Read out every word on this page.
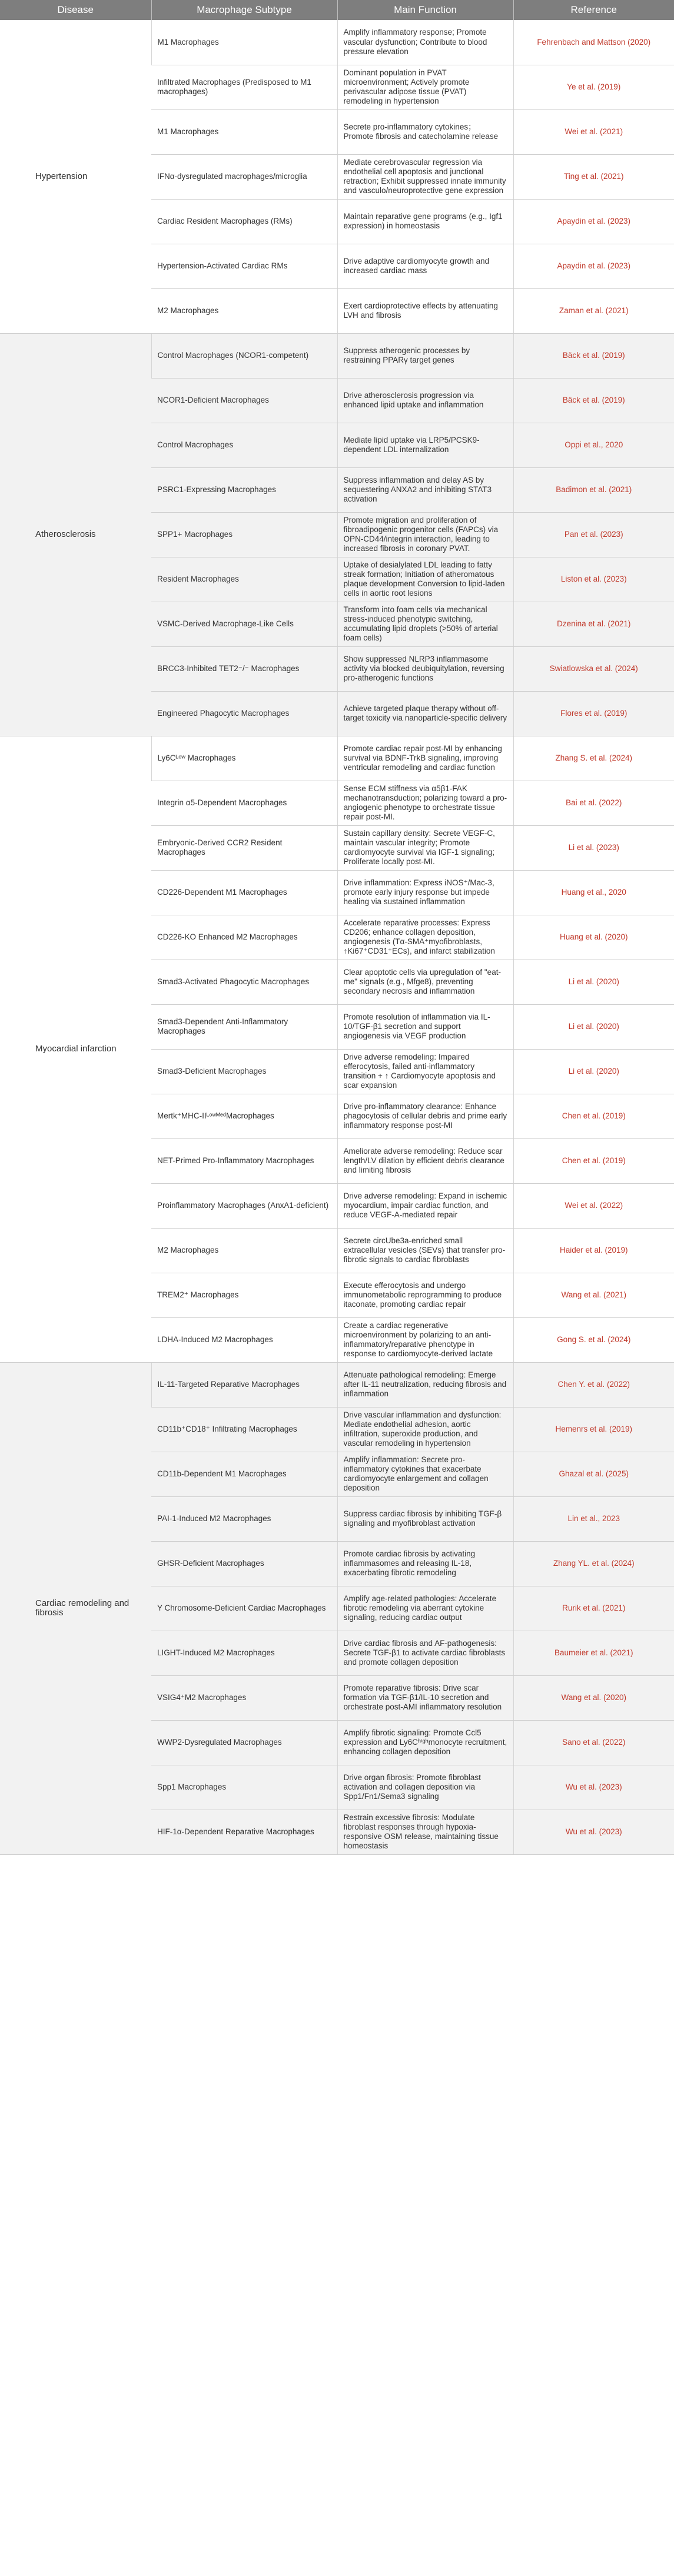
Disease	Macrophage Subtype	Main Function	Reference
Hypertension	M1 Macrophages	Amplify inflammatory response; Promote vascular dysfunction; Contribute to blood pressure elevation	Fehrenbach and Mattson (2020)
	Infiltrated Macrophages (Predisposed to M1 macrophages)	Dominant population in PVAT microenvironment; Actively promote perivascular adipose tissue (PVAT) remodeling in hypertension	Ye et al. (2019)
	M1 Macrophages	Secrete pro-inflammatory cytokines； Promote fibrosis and catecholamine release	Wei et al. (2021)
	IFNα-dysregulated macrophages/microglia	Mediate cerebrovascular regression via endothelial cell apoptosis and junctional retraction; Exhibit suppressed innate immunity and vasculo/neuroprotective gene expression	Ting et al. (2021)
	Cardiac Resident Macrophages (RMs)	Maintain reparative gene programs (e.g., Igf1 expression) in homeostasis	Apaydin et al. (2023)
	Hypertension-Activated Cardiac RMs	Drive adaptive cardiomyocyte growth and increased cardiac mass	Apaydin et al. (2023)
	M2 Macrophages	Exert cardioprotective effects by attenuating LVH and fibrosis	Zaman et al. (2021)
Atherosclerosis	Control Macrophages (NCOR1-competent)	Suppress atherogenic processes by restraining PPARγ target genes	Bäck et al. (2019)
	NCOR1-Deficient Macrophages	Drive atherosclerosis progression via enhanced lipid uptake and inflammation	Bäck et al. (2019)
	Control Macrophages	Mediate lipid uptake via LRP5/PCSK9-dependent LDL internalization	Oppi et al., 2020
	PSRC1-Expressing Macrophages	Suppress inflammation and delay AS by sequestering ANXA2 and inhibiting STAT3 activation	Badimon et al. (2021)
	SPP1+ Macrophages	Promote migration and proliferation of fibroadipogenic progenitor cells (FAPCs) via OPN-CD44/integrin interaction, leading to increased fibrosis in coronary PVAT.	Pan et al. (2023)
	Resident Macrophages	Uptake of desialylated LDL leading to fatty streak formation; Initiation of atheromatous plaque development Conversion to lipid-laden cells in aortic root lesions	Liston et al. (2023)
	VSMC-Derived Macrophage-Like Cells	Transform into foam cells via mechanical stress-induced phenotypic switching, accumulating lipid droplets (>50% of arterial foam cells)	Dzenina et al. (2021)
	BRCC3-Inhibited TET2⁻/⁻ Macrophages	Show suppressed NLRP3 inflammasome activity via blocked deubiquitylation, reversing pro-atherogenic functions	Swiatlowska et al. (2024)
	Engineered Phagocytic Macrophages	Achieve targeted plaque therapy without off-target toxicity via nanoparticle-specific delivery	Flores et al. (2019)
Myocardial infarction	Ly6Cᴸᵒʷ Macrophages	Promote cardiac repair post-MI by enhancing survival via BDNF-TrkB signaling, improving ventricular remodeling and cardiac function	Zhang S. et al. (2024)
	Integrin α5-Dependent Macrophages	Sense ECM stiffness via α5β1-FAK mechanotransduction; polarizing toward a pro-angiogenic phenotype to orchestrate tissue repair post-MI.	Bai et al. (2022)
	Embryonic-Derived CCR2 Resident Macrophages	Sustain capillary density: Secrete VEGF-C, maintain vascular integrity; Promote cardiomyocyte survival via IGF-1 signaling; Proliferate locally post-MI.	Li et al. (2023)
	CD226-Dependent M1 Macrophages	Drive inflammation: Express iNOS⁺/Mac-3, promote early injury response but impede healing via sustained inflammation	Huang et al., 2020
	CD226-KO Enhanced M2 Macrophages	Accelerate reparative processes: Express CD206; enhance collagen deposition, angiogenesis (Tα-SMA⁺myofibroblasts, ↑Ki67⁺CD31⁺ECs), and infarct stabilization	Huang et al. (2020)
	Smad3-Activated Phagocytic Macrophages	Clear apoptotic cells via upregulation of "eat-me" signals (e.g., Mfge8), preventing secondary necrosis and inflammation	Li et al. (2020)
	Smad3-Dependent Anti-Inflammatory Macrophages	Promote resolution of inflammation via IL-10/TGF-β1 secretion and support angiogenesis via VEGF production	Li et al. (2020)
	Smad3-Deficient Macrophages	Drive adverse remodeling: Impaired efferocytosis, failed anti-inflammatory transition + ↑ Cardiomyocyte apoptosis and scar expansion	Li et al. (2020)
	Mertk⁺MHC-IIᴸᵒʷᴹᵉᵈMacrophages	Drive pro-inflammatory clearance: Enhance phagocytosis of cellular debris and prime early inflammatory response post-MI	Chen et al. (2019)
	NET-Primed Pro-Inflammatory Macrophages	Ameliorate adverse remodeling: Reduce scar length/LV dilation by efficient debris clearance and limiting fibrosis	Chen et al. (2019)
	Proinflammatory Macrophages (AnxA1-deficient)	Drive adverse remodeling: Expand in ischemic myocardium, impair cardiac function, and reduce VEGF-A-mediated repair	Wei et al. (2022)
	M2 Macrophages	Secrete circUbe3a-enriched small extracellular vesicles (SEVs) that transfer pro-fibrotic signals to cardiac fibroblasts	Haider et al. (2019)
	TREM2⁺ Macrophages	Execute efferocytosis and undergo immunometabolic reprogramming to produce itaconate, promoting cardiac repair	Wang et al. (2021)
	LDHA-Induced M2 Macrophages	Create a cardiac regenerative microenvironment by polarizing to an anti-inflammatory/reparative phenotype in response to cardiomyocyte-derived lactate	Gong S. et al. (2024)
Cardiac remodeling and fibrosis	IL-11-Targeted Reparative Macrophages	Attenuate pathological remodeling: Emerge after IL-11 neutralization, reducing fibrosis and inflammation	Chen Y. et al. (2022)
	CD11b⁺CD18⁺ Infiltrating Macrophages	Drive vascular inflammation and dysfunction: Mediate endothelial adhesion, aortic infiltration, superoxide production, and vascular remodeling in hypertension	Hemenrs et al. (2019)
	CD11b-Dependent M1 Macrophages	Amplify inflammation: Secrete pro-inflammatory cytokines that exacerbate cardiomyocyte enlargement and collagen deposition	Ghazal et al. (2025)
	PAI-1-Induced M2 Macrophages	Suppress cardiac fibrosis by inhibiting TGF-β signaling and myofibroblast activation	Lin et al., 2023
	GHSR-Deficient Macrophages	Promote cardiac fibrosis by activating inflammasomes and releasing IL-18, exacerbating fibrotic remodeling	Zhang YL. et al. (2024)
	Y Chromosome-Deficient Cardiac Macrophages	Amplify age-related pathologies: Accelerate fibrotic remodeling via aberrant cytokine signaling, reducing cardiac output	Rurik et al. (2021)
	LIGHT-Induced M2 Macrophages	Drive cardiac fibrosis and AF-pathogenesis: Secrete TGF-β1 to activate cardiac fibroblasts and promote collagen deposition	Baumeier et al. (2021)
	VSIG4⁺M2 Macrophages	Promote reparative fibrosis: Drive scar formation via TGF-β1/IL-10 secretion and orchestrate post-AMI inflammatory resolution	Wang et al. (2020)
	WWP2-Dysregulated Macrophages	Amplify fibrotic signaling: Promote Ccl5 expression and Ly6Cʰⁱᵍʰmonocyte recruitment, enhancing collagen deposition	Sano et al. (2022)
	Spp1 Macrophages	Drive organ fibrosis: Promote fibroblast activation and collagen deposition via Spp1/Fn1/Sema3 signaling	Wu et al. (2023)
	HIF-1α-Dependent Reparative Macrophages	Restrain excessive fibrosis: Modulate fibroblast responses through hypoxia-responsive OSM release, maintaining tissue homeostasis	Wu et al. (2023)
